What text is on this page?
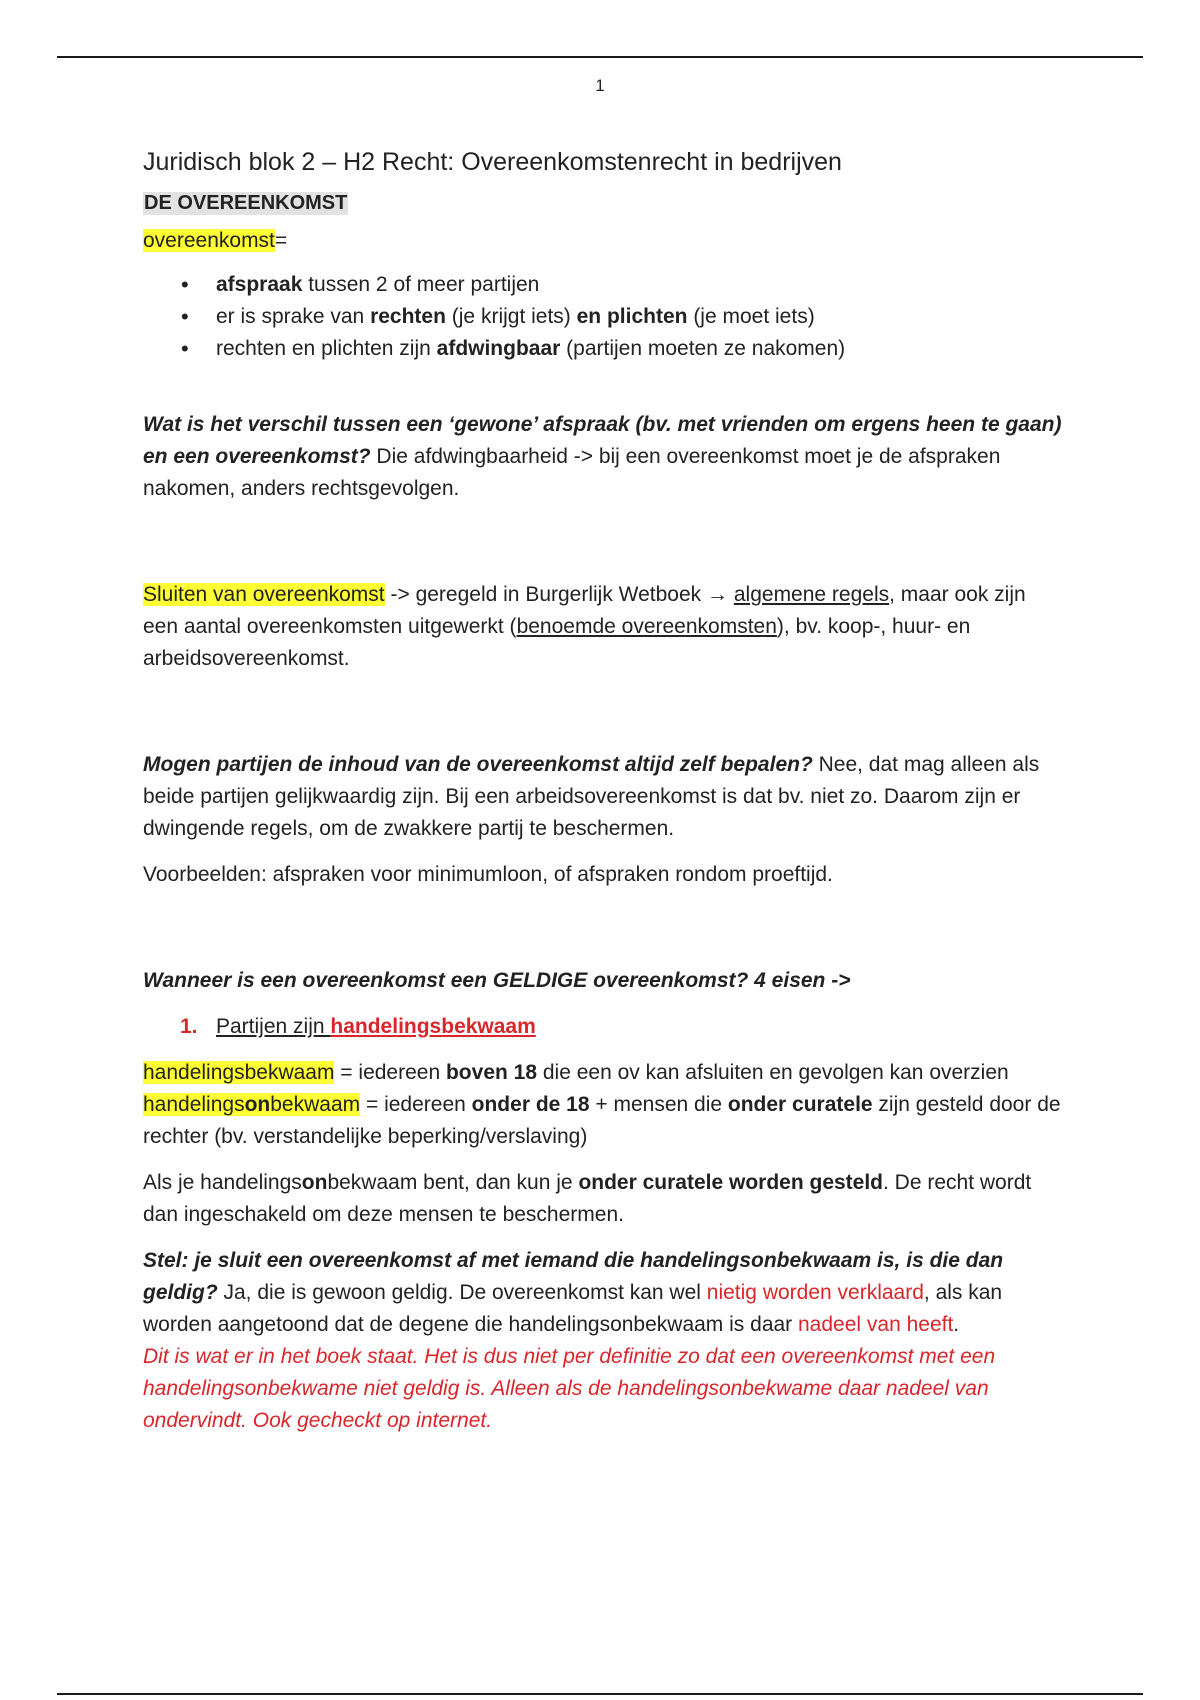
1
Juridisch blok 2 – H2 Recht: Overeenkomstenrecht in bedrijven
DE OVEREENKOMST

overeenkomst=

• afspraak tussen 2 of meer partijen
• er is sprake van rechten (je krijgt iets) en plichten (je moet iets)
• rechten en plichten zijn afdwingbaar (partijen moeten ze nakomen)

Wat is het verschil tussen een ‘gewone’ afspraak (bv. met vrienden om ergens heen te gaan) en een overeenkomst? Die afdwingbaarheid -> bij een overeenkomst moet je de afspraken nakomen, anders rechtsgevolgen.

Sluiten van overeenkomst -> geregeld in Burgerlijk Wetboek → algemene regels, maar ook zijn een aantal overeenkomsten uitgewerkt (benoemde overeenkomsten), bv. koop-, huur- en arbeidsovereenkomst.

Mogen partijen de inhoud van de overeenkomst altijd zelf bepalen? Nee, dat mag alleen als beide partijen gelijkwaardig zijn. Bij een arbeidsovereenkomst is dat bv. niet zo. Daarom zijn er dwingende regels, om de zwakkere partij te beschermen.

Voorbeelden: afspraken voor minimumloon, of afspraken rondom proeftijd.

Wanneer is een overeenkomst een GELDIGE overeenkomst? 4 eisen ->

1. Partijen zijn handelingsbekwaam

handelingsbekwaam = iedereen boven 18 die een ov kan afsluiten en gevolgen kan overzien

handelingsonbekwaam = iedereen onder de 18 + mensen die onder curatele zijn gesteld door de rechter (bv. verstandelijke beperking/verslaving)

Als je handelingsonbekwaam bent, dan kun je onder curatele worden gesteld. De recht wordt dan ingeschakeld om deze mensen te beschermen.

Stel: je sluit een overeenkomst af met iemand die handelingsonbekwaam is, is die dan geldig? Ja, die is gewoon geldig. De overeenkomst kan wel nietig worden verklaard, als kan worden aangetoond dat de degene die handelingsonbekwaam is daar nadeel van heeft.

Dit is wat er in het boek staat. Het is dus niet per definitie zo dat een overeenkomst met een handelingsonbekwame niet geldig is. Alleen als de handelingsonbekwame daar nadeel van ondervindt. Ook gecheckt op internet.
